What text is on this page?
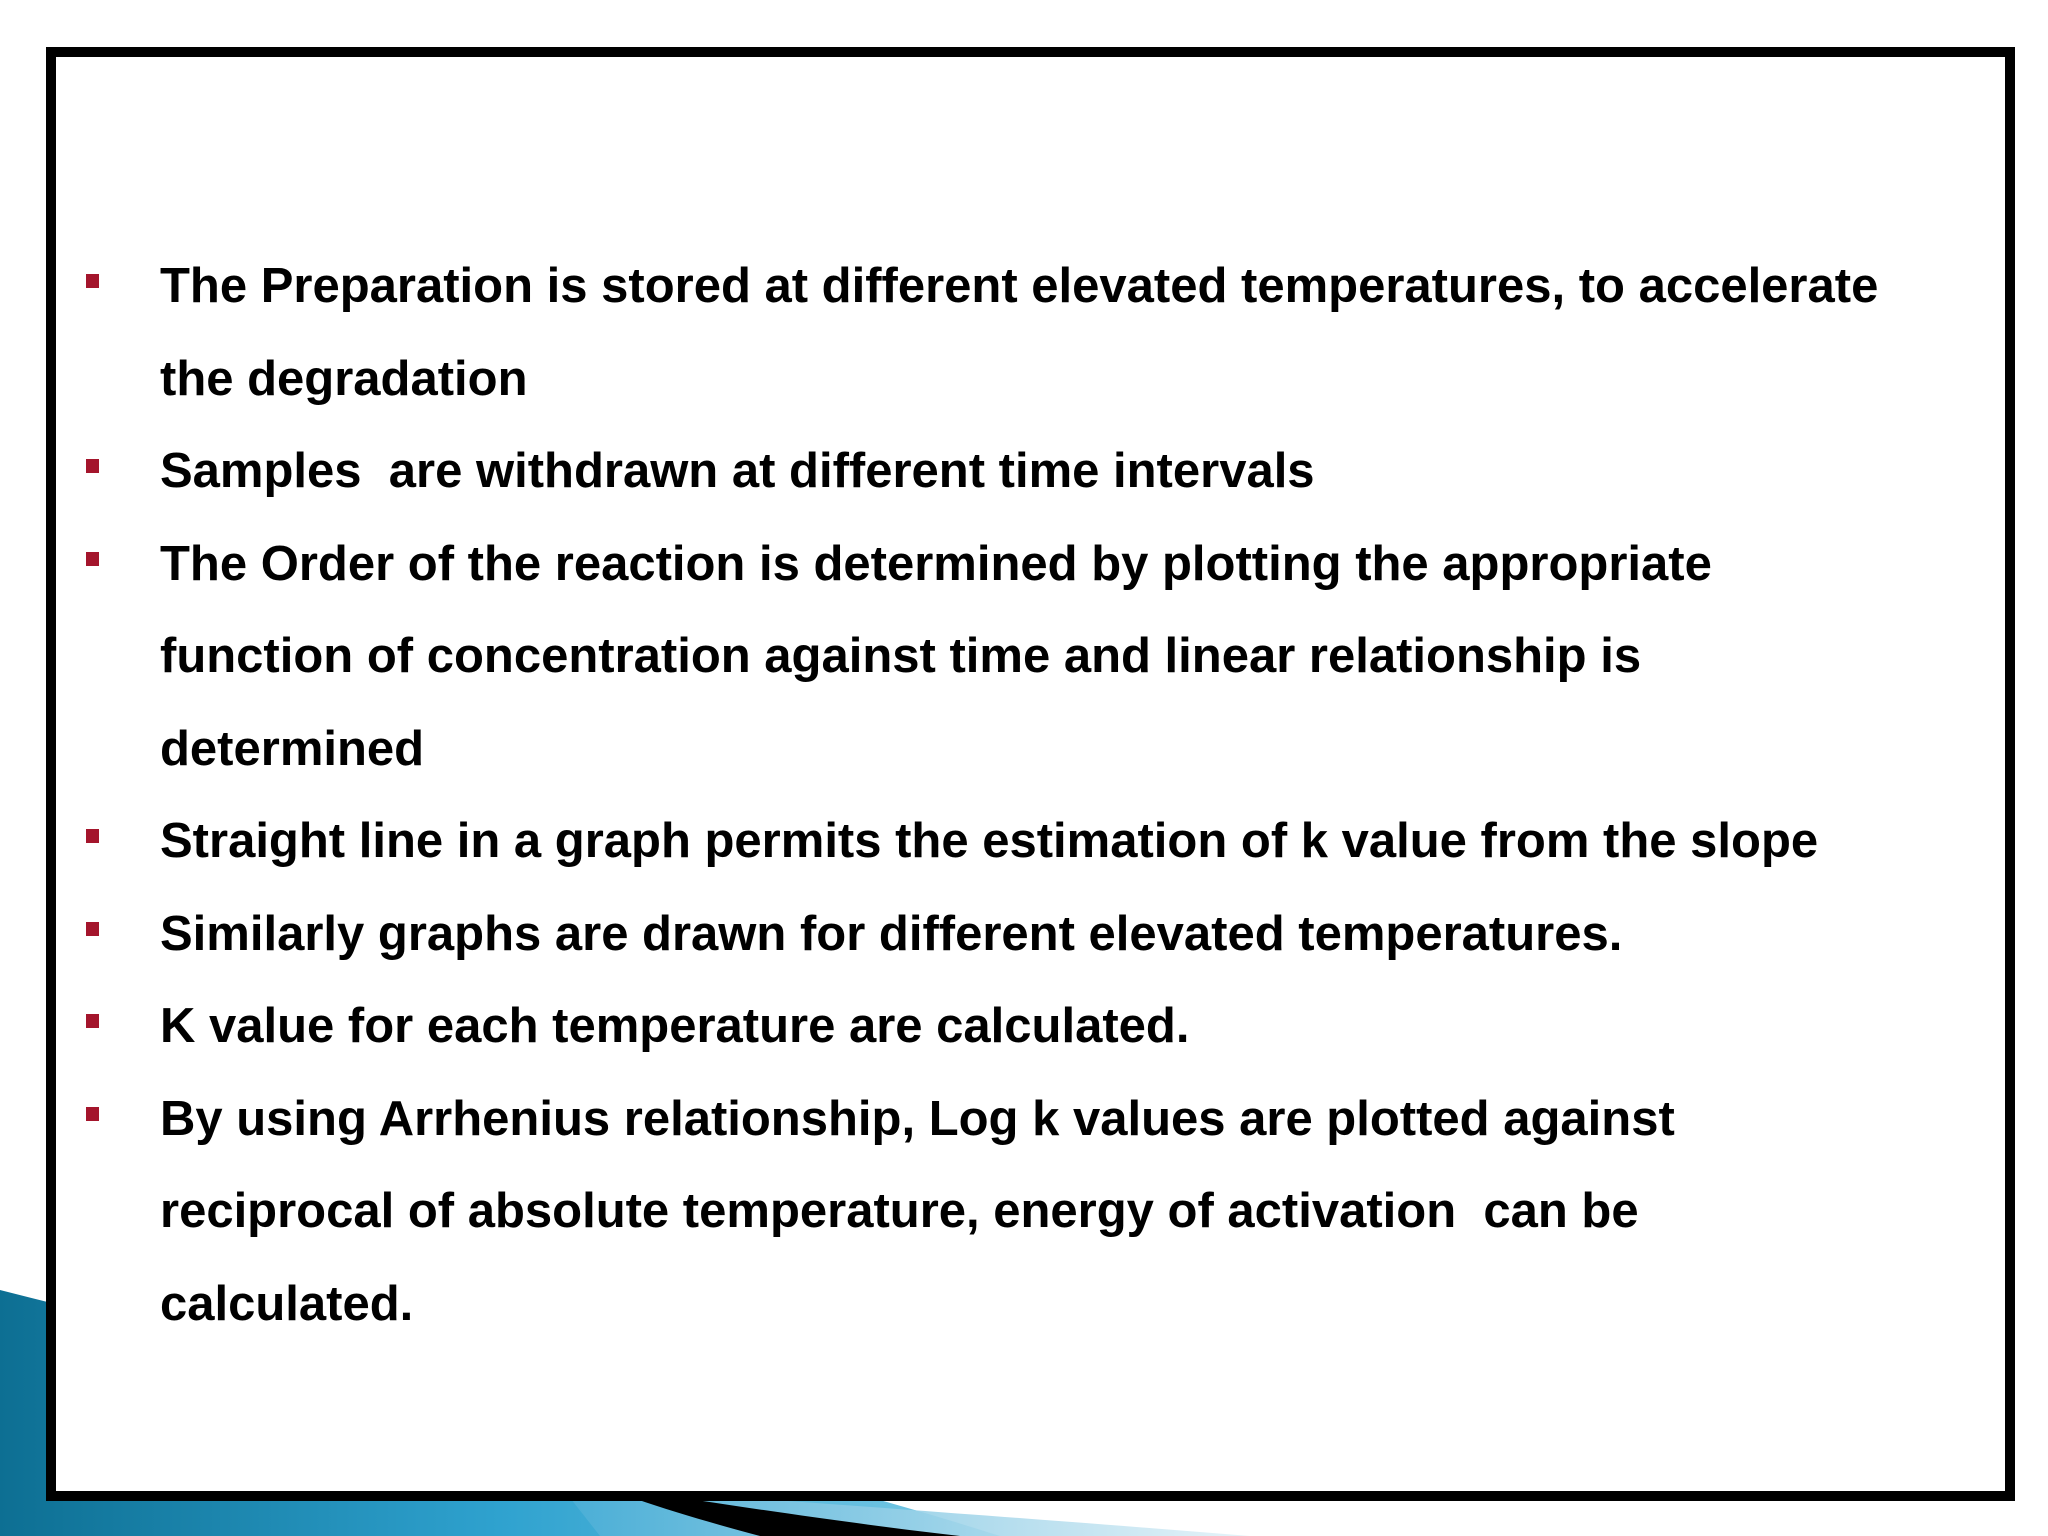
The Preparation is stored at different elevated temperatures, to accelerate
the degradation
Samples  are withdrawn at different time intervals
The Order of the reaction is determined by plotting the appropriate
function of concentration against time and linear relationship is
determined
Straight line in a graph permits the estimation of k value from the slope
Similarly graphs are drawn for different elevated temperatures.
K value for each temperature are calculated.
By using Arrhenius relationship, Log k values are plotted against
reciprocal of absolute temperature, energy of activation  can be
calculated.
